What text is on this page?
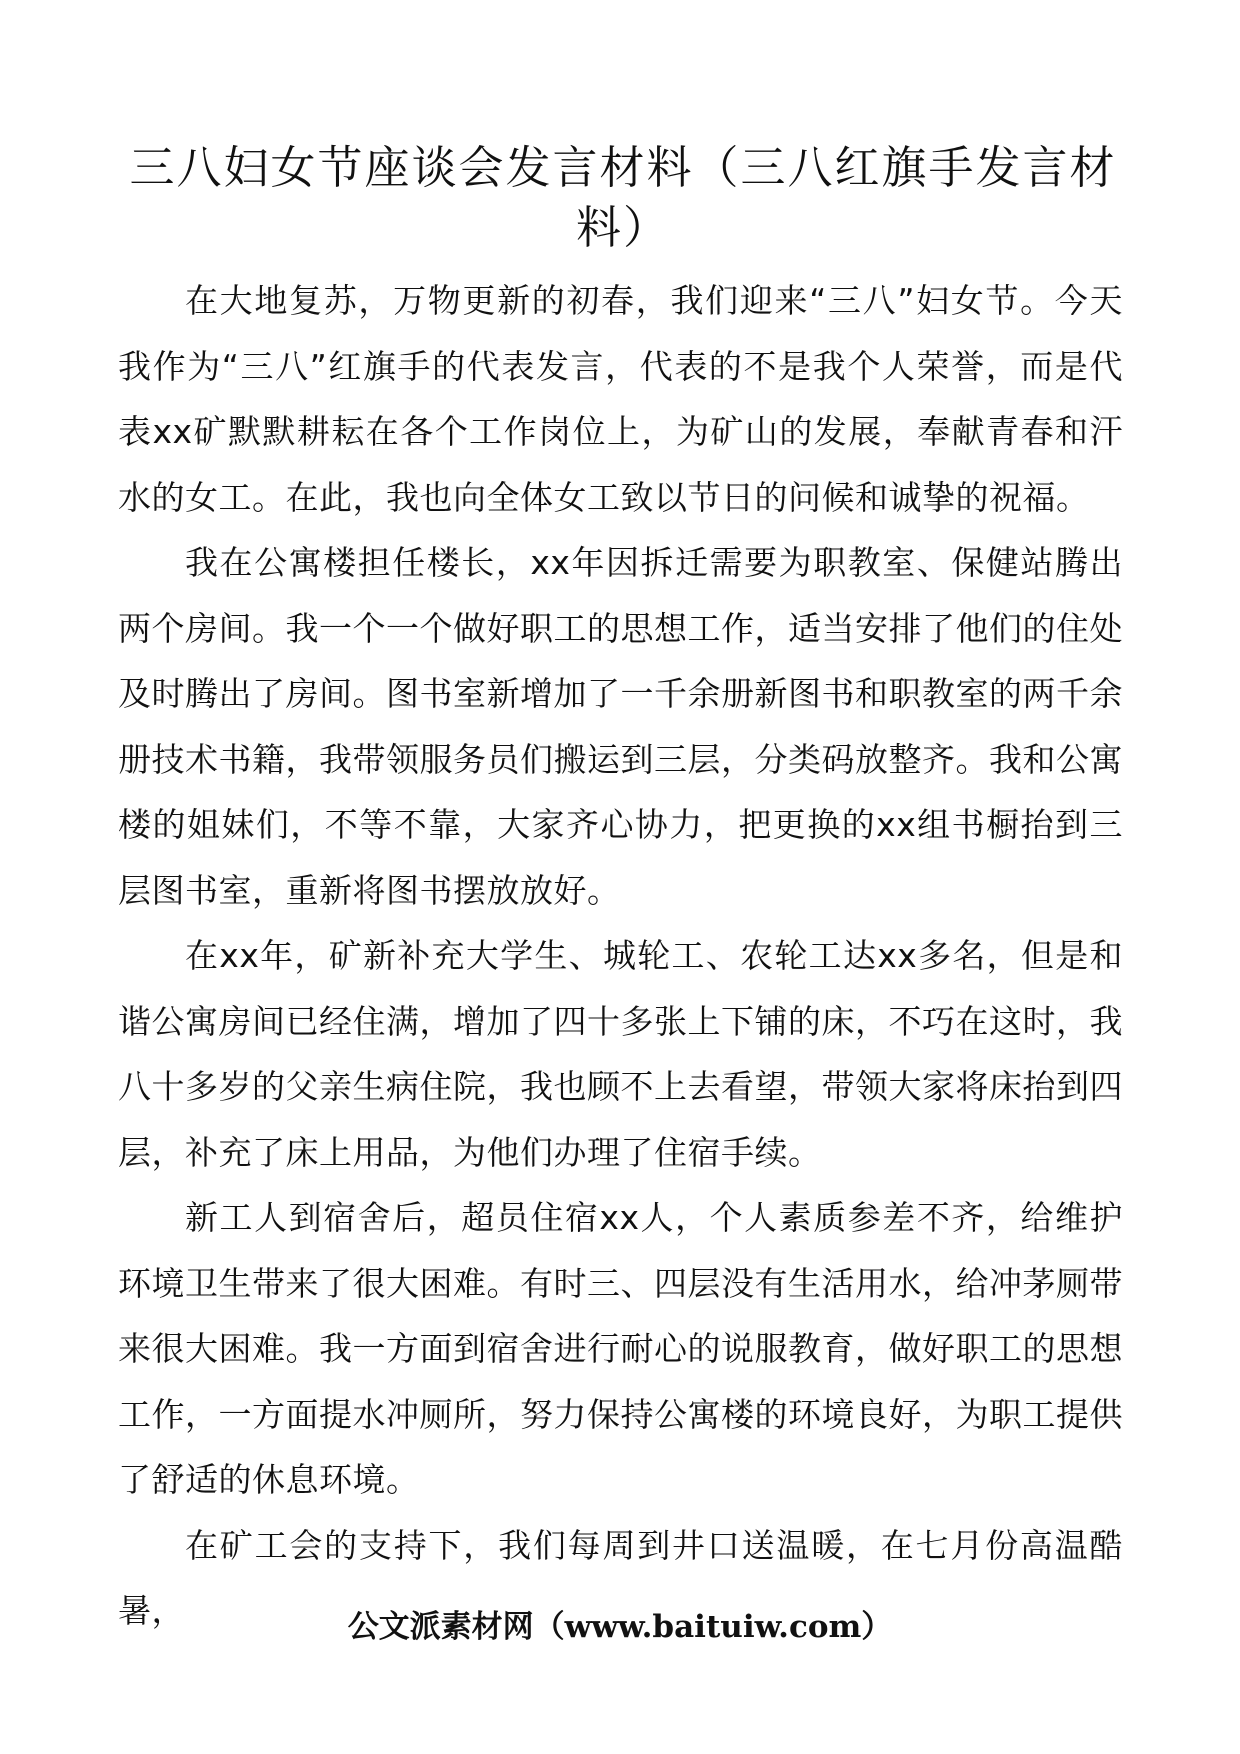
三八妇女节座谈会发言材料（三八红旗手发言材料）

在大地复苏，万物更新的初春，我们迎来“三八”妇女节。今天我作为“三八”红旗手的代表发言，代表的不是我个人荣誉，而是代表xx矿默默耕耘在各个工作岗位上，为矿山的发展，奉献青春和汗水的女工。在此，我也向全体女工致以节日的问候和诚挚的祝福。

我在公寓楼担任楼长，xx年因拆迁需要为职教室、保健站腾出两个房间。我一个一个做好职工的思想工作，适当安排了他们的住处及时腾出了房间。图书室新增加了一千余册新图书和职教室的两千余册技术书籍，我带领服务员们搬运到三层，分类码放整齐。我和公寓楼的姐妹们，不等不靠，大家齐心协力，把更换的xx组书橱抬到三层图书室，重新将图书摆放放好。

在xx年，矿新补充大学生、城轮工、农轮工达xx多名，但是和谐公寓房间已经住满，增加了四十多张上下铺的床，不巧在这时，我八十多岁的父亲生病住院，我也顾不上去看望，带领大家将床抬到四层，补充了床上用品，为他们办理了住宿手续。

新工人到宿舍后，超员住宿xx人，个人素质参差不齐，给维护环境卫生带来了很大困难。有时三、四层没有生活用水，给冲茅厕带来很大困难。我一方面到宿舍进行耐心的说服教育，做好职工的思想工作，一方面提水冲厕所，努力保持公寓楼的环境良好，为职工提供了舒适的休息环境。

在矿工会的支持下，我们每周到井口送温暖，在七月份高温酷暑，	公文派素材网（www.baituiw.com）
